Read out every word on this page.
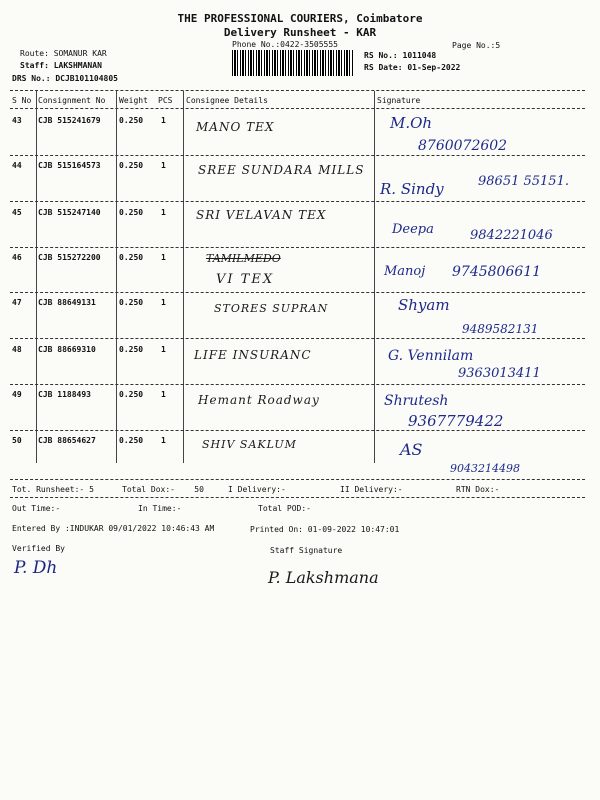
THE PROFESSIONAL COURIERS, Coimbatore
Delivery Runsheet - KAR
Phone No.:0422-3505555	Page No.:5
Route: SOMANUR KAR
Staff: LAKSHMANAN
DRS No.: DCJB101104805
RS No.: 1011048
RS Date: 01-Sep-2022
S No Consignment No Weight PCS Consignee Details	Signature
43 CJB 515241679 0.250 1	MANO TEX	M.Oh
8760072602
44 CJB 515164573 0.250 1	SREE SUNDARA MILLS
R. Sindy	98651 55151.
45 CJB 515247140 0.250 1	SRI VELAVAN TEX
Deepa	9842221046
46 CJB 515272200 0.250 1	TAMILMEDO
VI TEX
Manoj 9745806611
47 CJB 88649131	0.250 1	STORES SUPRAN	Shyam
9489582131
48 CJB 88669310	0.250 1 LIFE INSURANC	G. Vennilam
9363013411
49 CJB 1188493	0.250 1	Hemant Roadway	Shrutesh
9367779422
50 CJB 88654627	0.250 1	SHIV SAKLUM	AS
9043214498
Tot. Runsheet:- 5	Total Dox:-    50	I Delivery:-	II Delivery:-	RTN Dox:-
Out Time:-	In Time:-	Total POD:-
Entered By :INDUKAR 09/01/2022 10:46:43 AM	Printed On: 01-09-2022 10:47:01
Verified By
P. Dh
Staff Signature
P. Lakshmana
